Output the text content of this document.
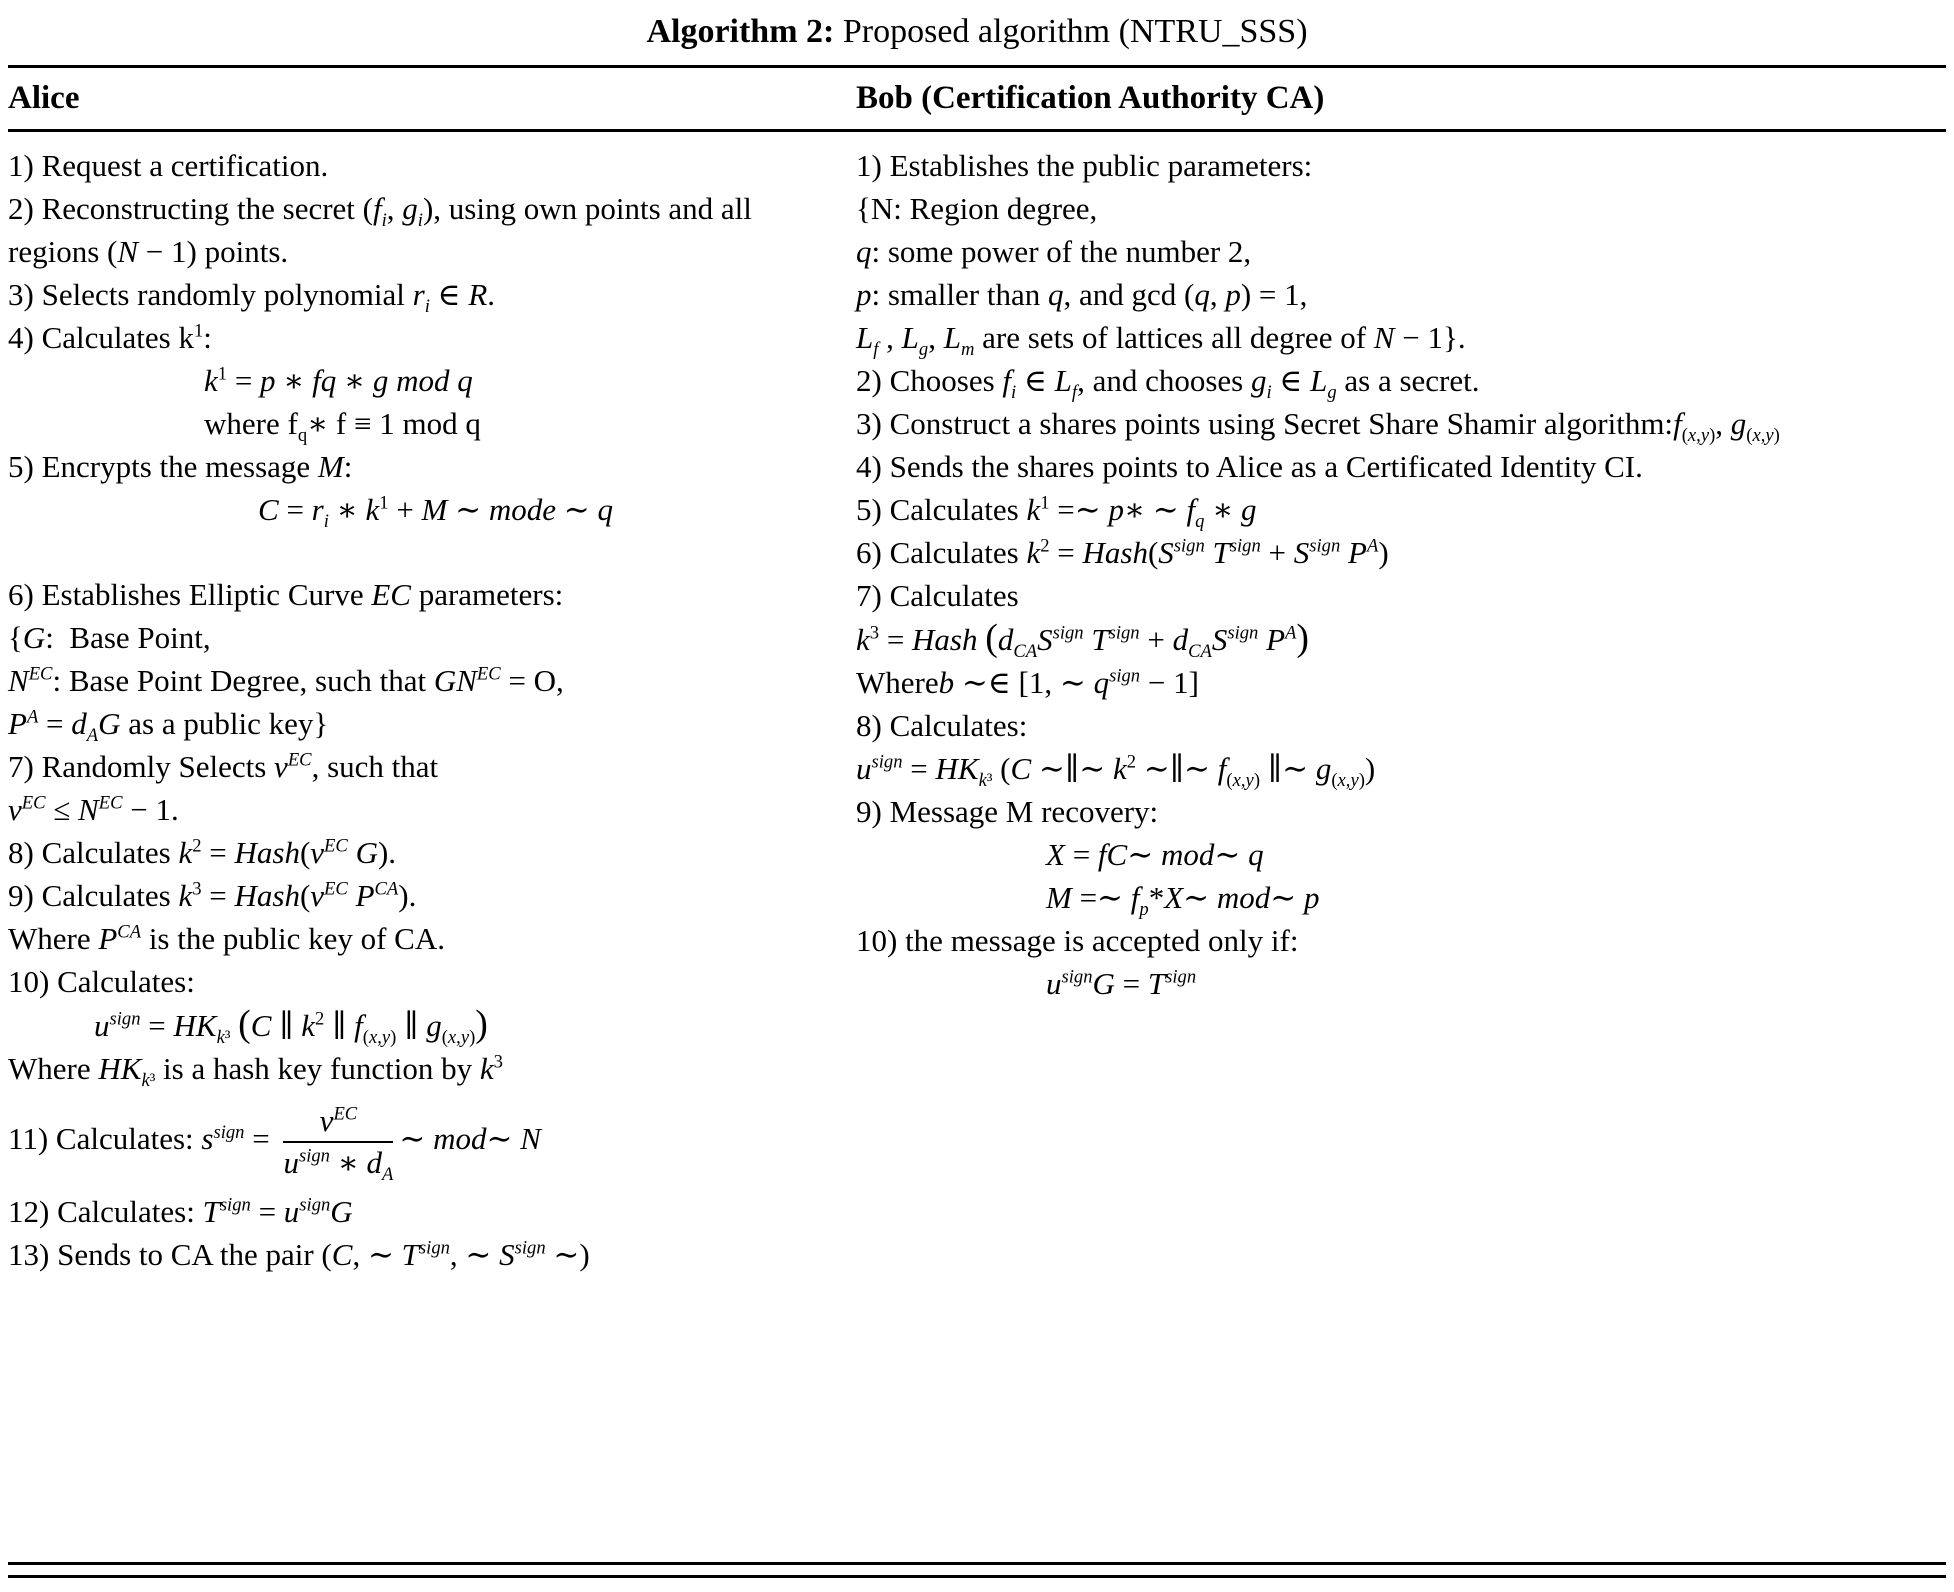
Algorithm 2: Proposed algorithm (NTRU_SSS)
Alice	Bob (Certification Authority CA)
1) Request a certification.
2) Reconstructing the secret ($f_i$, $g_i$), using own points and all regions (N − 1) points.
3) Selects randomly polynomial $r_i$ ∈ R.
4) Calculates $k^1$:
$k^1 = p$ ∗ fq ∗ g mod q
where $f_q∗$ f ≡ 1 mod q
5) Encrypts the message M:
$C = r_i$ ∗ $k^1 + M$ ∼ mode ∼ q
6) Establishes Elliptic Curve EC parameters:
{G:  Base Point,
$N^{EC}$: Base Point Degree, such that $GN^{EC} = O$,
$P^A = d_AG$ as a public key}
7) Randomly Selects $v^{EC}$, such that
$v^{EC} \le N^{EC} - 1$.
8) Calculates $k^2$ = $Hash(v^{EC}$ G).
9) Calculates $k^3$ = $Hash(v^{EC}$ $P^{CA}$).
Where $P^{CA}$ is the public key of CA.
10) Calculates:
$u^{sign} = HK_{k^3}$ (C ∥ $k^2$ ∥ $f_{(x,y)}$ ∥ $g_{(x,y)}$)
Where $HK_{k^3}$ is a hash key function by $k^3$
11) Calculates: $s^{sign} = \frac{v^{EC}}{u^{sign} ∗ d_A}$ ∼ mod∼ N
12) Calculates: $T^{sign} = u^{sign}G$
13) Sends to CA the pair (C, ∼ $T^{sign}$, ∼ $S^{sign}$ ∼)
1) Establishes the public parameters:
{N: Region degree,
q: some power of the number 2,
p: smaller than q, and gcd (q, p) = 1,
$L_f$ , $L_g$, $L_m$ are sets of lattices all degree of N − 1}.
2) Chooses $f_i$ ∈ $L_f$, and chooses $g_i$ ∈ $L_g$ as a secret.
3) Construct a shares points using Secret Share Shamir $algorithm:f_{(x,y)}$, $g_{(x,y)}$
4) Sends the shares points to Alice as a Certificated Identity CI.
5) Calculates $k^1$ =∼ p∗ ∼ $f_q$ ∗ g
6) Calculates $k^2$ = $Hash(S^{sign}$ $T^{sign} + S^{sign}$ $P^A$)
7) Calculates
$k^3$ = Hash ($d_{CA}S^{sign}$ $T^{sign} + d_{CA}S^{sign}$ $P^A$)
Whereb ∼∈ [1, ∼ $q^{sign} - 1$]
8) Calculates:
$u^{sign} = HK_{k^3}$ (C ∼∥∼ $k^2$ ∼∥∼ $f_{(x,y)}$ ∥∼ $g_{(x,y)}$)
9) Message M recovery:
X = fC∼ mod∼ q
M =∼ $f_p*X\sim$ mod∼ p
10) the message is accepted only if:
$u^{sign}G = T^{sign}$
